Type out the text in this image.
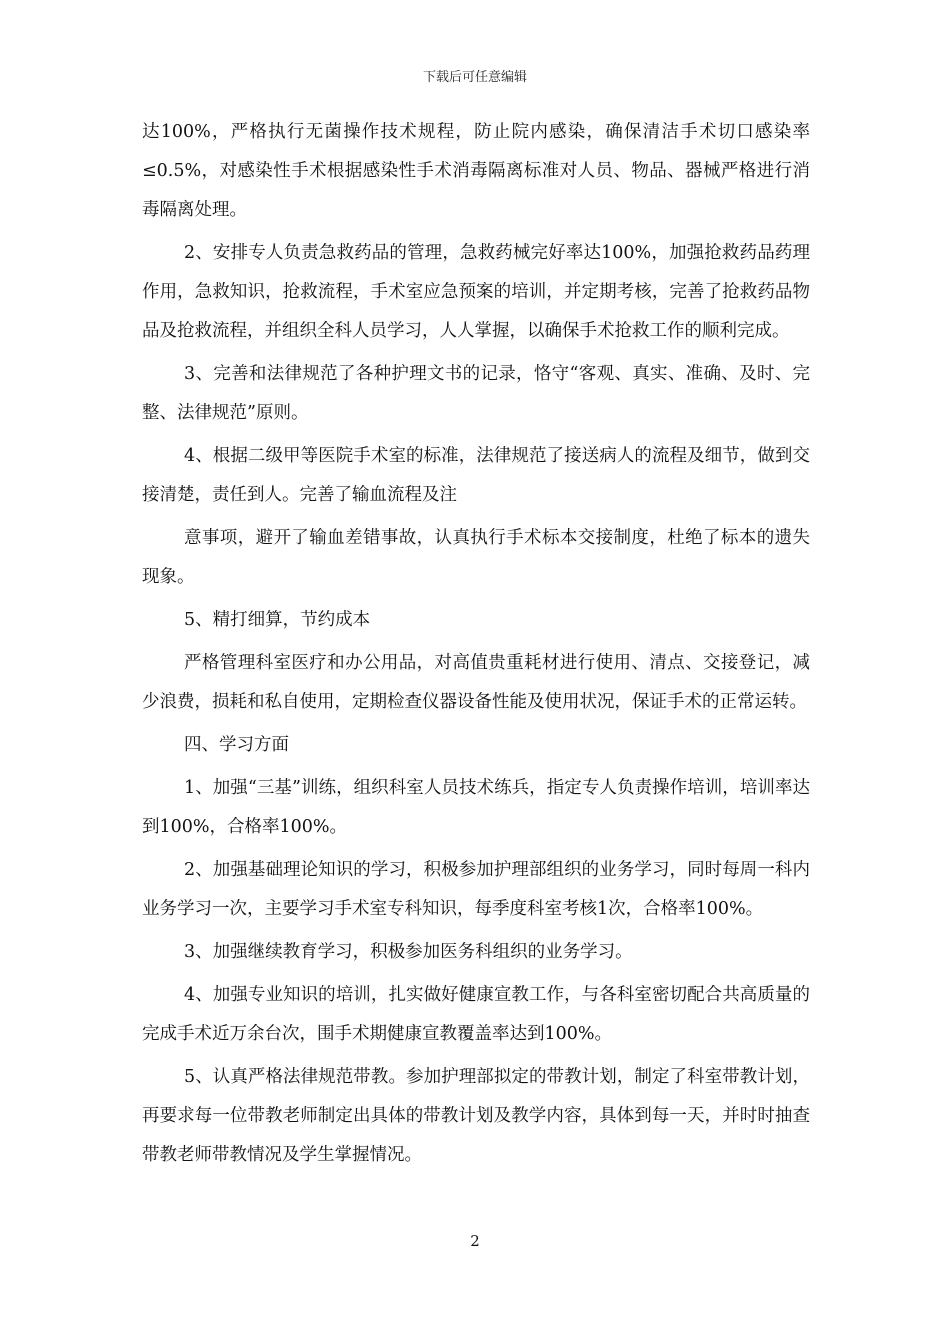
下载后可任意编辑

达100%，严格执行无菌操作技术规程，防止院内感染，确保清洁手术切口感染率≤0.5%，对感染性手术根据感染性手术消毒隔离标准对人员、物品、器械严格进行消毒隔离处理。

2、安排专人负责急救药品的管理，急救药械完好率达100%，加强抢救药品药理作用，急救知识，抢救流程，手术室应急预案的培训，并定期考核，完善了抢救药品物品及抢救流程，并组织全科人员学习，人人掌握，以确保手术抢救工作的顺利完成。

3、完善和法律规范了各种护理文书的记录，恪守“客观、真实、准确、及时、完整、法律规范”原则。

4、根据二级甲等医院手术室的标准，法律规范了接送病人的流程及细节，做到交接清楚，责任到人。完善了输血流程及注

意事项，避开了输血差错事故，认真执行手术标本交接制度，杜绝了标本的遗失现象。

5、精打细算，节约成本

严格管理科室医疗和办公用品，对高值贵重耗材进行使用、清点、交接登记，减少浪费，损耗和私自使用，定期检查仪器设备性能及使用状况，保证手术的正常运转。

四、学习方面

1、加强“三基”训练，组织科室人员技术练兵，指定专人负责操作培训，培训率达到100%，合格率100%。

2、加强基础理论知识的学习，积极参加护理部组织的业务学习，同时每周一科内业务学习一次，主要学习手术室专科知识，每季度科室考核1次，合格率100%。

3、加强继续教育学习，积极参加医务科组织的业务学习。

4、加强专业知识的培训，扎实做好健康宣教工作，与各科室密切配合共高质量的完成手术近万余台次，围手术期健康宣教覆盖率达到100%。

5、认真严格法律规范带教。参加护理部拟定的带教计划，制定了科室带教计划，再要求每一位带教老师制定出具体的带教计划及教学内容，具体到每一天，并时时抽查带教老师带教情况及学生掌握情况。

2
